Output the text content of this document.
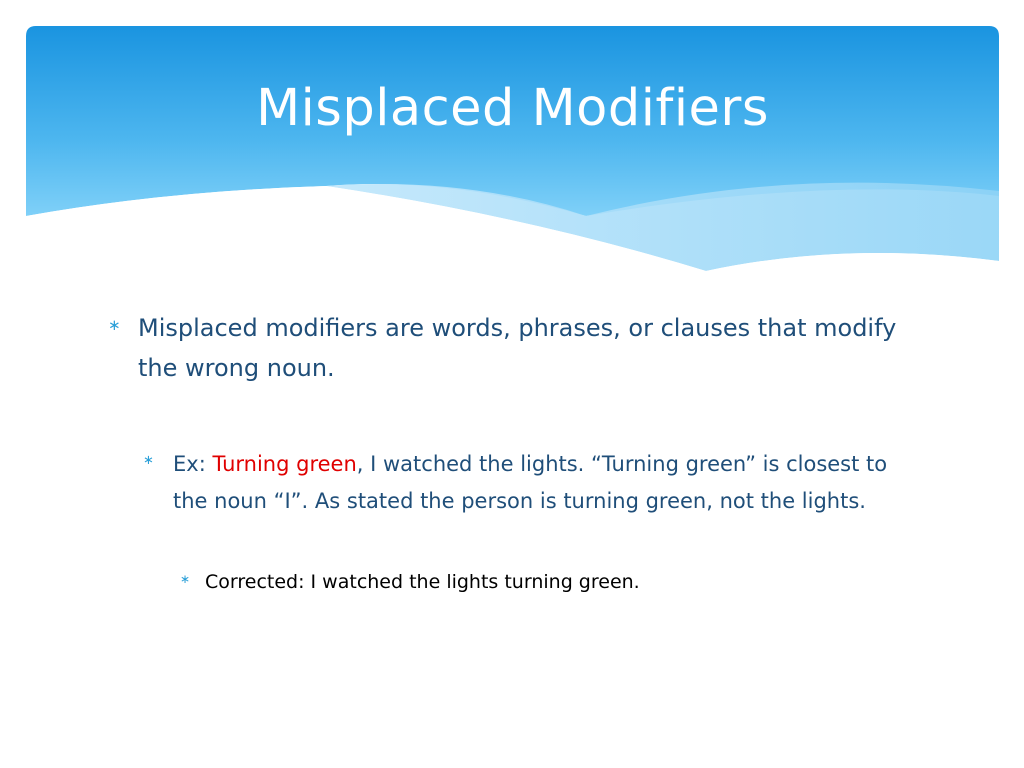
Misplaced Modifiers
∗ Misplaced modifiers are words, phrases, or clauses that modify the wrong noun.
∗ Ex: Turning green, I watched the lights. “Turning green” is closest to the noun “I”. As stated the person is turning green, not the lights.
∗ Corrected: I watched the lights turning green.
